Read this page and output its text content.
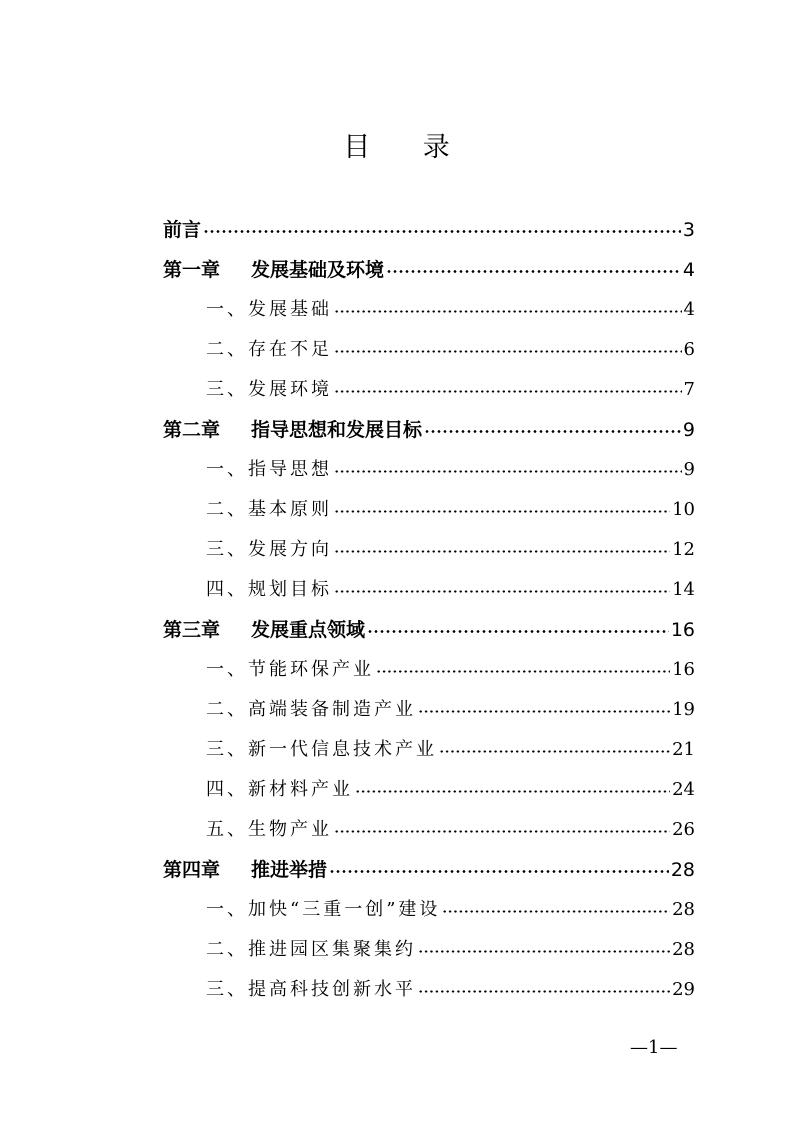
目 录
前言	3
第一章	发展基础及环境	4
一、发展基础	4
二、存在不足	6
三、发展环境	7
第二章	指导思想和发展目标	9
一、指导思想	9
二、基本原则	10
三、发展方向	12
四、规划目标	14
第三章	发展重点领域	16
一、节能环保产业	16
二、高端装备制造产业	19
三、新一代信息技术产业	21
四、新材料产业	24
五、生物产业	26
第四章	推进举措	28
一、加快“三重一创”建设	28
二、推进园区集聚集约	28
三、提高科技创新水平	29
—1—
